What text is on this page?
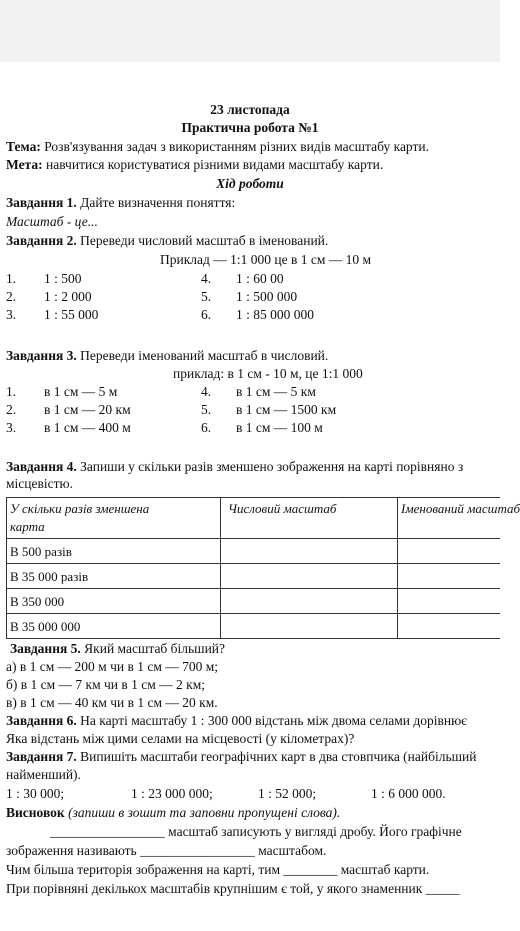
23 листопада
Практична робота №1
Тема: Розв'язування задач з використанням різних видів масштабу карти.
Мета: навчитися користуватися різними видами масштабу карти.
Хід роботи
Завдання 1. Дайте визначення поняття:
Масштаб - це...
Завдання 2. Переведи числовий масштаб в іменований.
Приклад — 1:1 000 це в 1 см — 10 м
1. 1 : 500
2. 1 : 2 000
3. 1 : 55 000
4. 1 : 60 00
5. 1 : 500 000
6. 1 : 85 000 000
Завдання 3. Переведи іменований масштаб в числовий.
приклад: в 1 см - 10 м, це 1:1 000
1. в 1 см — 5 м
2. в 1 см — 20 км
3. в 1 см — 400 м
4. в 1 см — 5 км
5. в 1 см — 1500 км
6. в 1 см — 100 м
Завдання 4. Запиши у скільки разів зменшено зображення на карті порівняно з
місцевістю.
У скільки разів зменшена
карта
Числовий масштаб	Іменований масштаб
В 500 разів
В 35 000 разів
В 350 000
В 35 000 000
Завдання 5. Який масштаб більший?
а) в 1 см — 200 м чи в 1 см — 700 м;
б) в 1 см — 7 км чи в 1 см — 2 км;
в) в 1 см — 40 км чи в 1 см — 20 км.
Завдання 6. На карті масштабу 1 : 300 000 відстань між двома селами дорівнює
Яка відстань між цими селами на місцевості (у кілометрах)?
Завдання 7. Випишіть масштаби географічних карт в два стовпчика (найбільший
найменший).
1 : 30 000;	1 : 23 000 000;	1 : 52 000;	1 : 6 000 000.
Висновок (запиши в зошит та заповни пропущені слова).
_________________ масштаб записують у вигляді дробу. Його графічне
зображення називають _________________ масштабом.
Чим більша територія зображення на карті, тим ________ масштаб карти.
При порівняні декількох масштабів крупнішим є той, у якого знаменник _____
